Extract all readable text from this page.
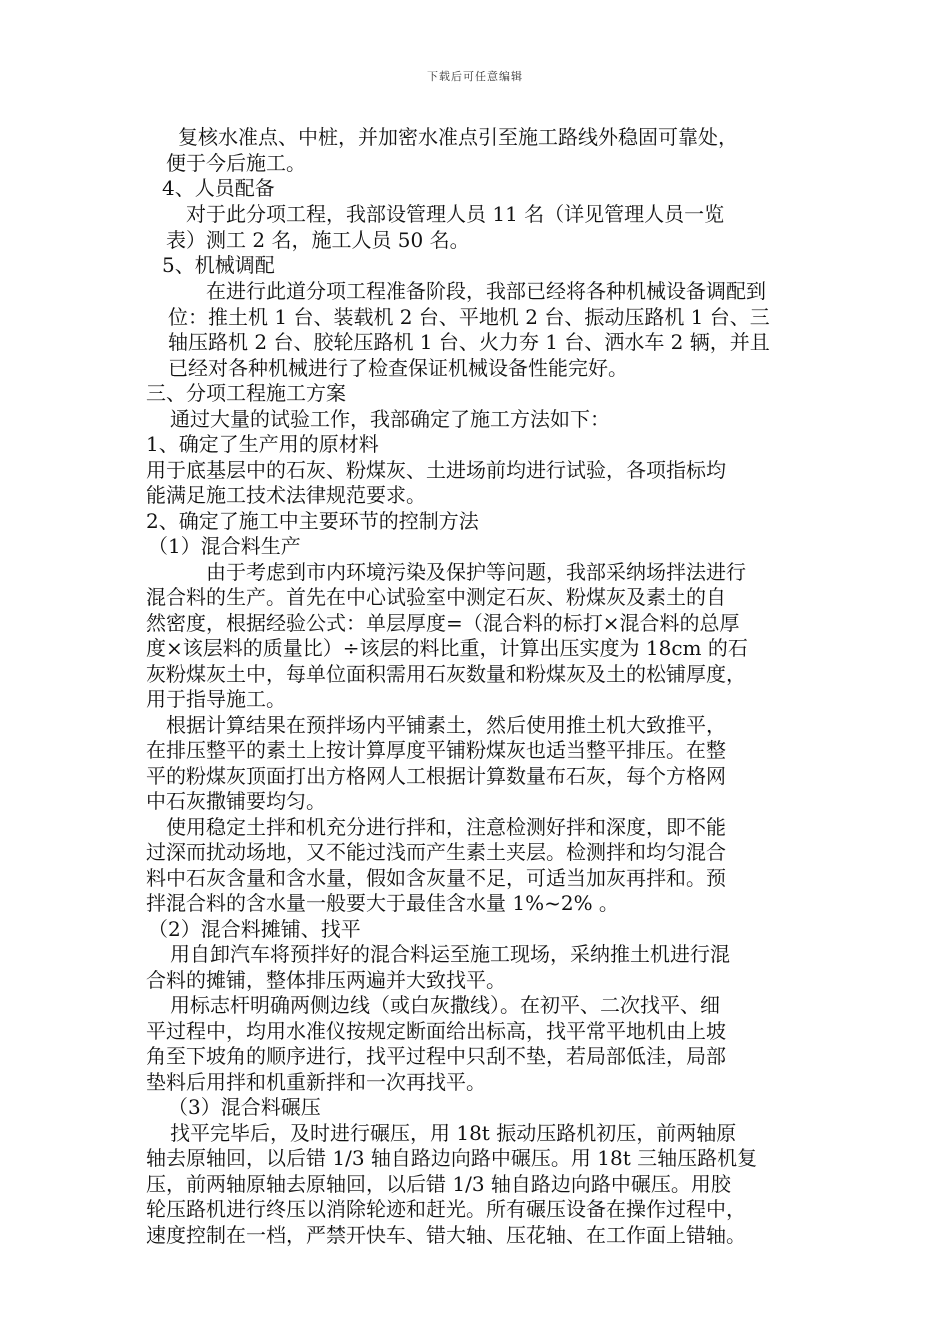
下载后可任意编辑
复核水准点、中桩，并加密水准点引至施工路线外稳固可靠处，
便于今后施工。
4、人员配备
对于此分项工程，我部设管理人员 11 名（详见管理人员一览
表）测工 2 名，施工人员 50 名。
5、机械调配
在进行此道分项工程准备阶段，我部已经将各种机械设备调配到
位：推土机 1 台、装载机 2 台、平地机 2 台、振动压路机 1 台、三
轴压路机 2 台、胶轮压路机 1 台、火力夯 1 台、洒水车 2 辆，并且
已经对各种机械进行了检查保证机械设备性能完好。
三、分项工程施工方案
通过大量的试验工作，我部确定了施工方法如下：
1、确定了生产用的原材料
用于底基层中的石灰、粉煤灰、土进场前均进行试验，各项指标均
能满足施工技术法律规范要求。
2、确定了施工中主要环节的控制方法
（1）混合料生产
由于考虑到市内环境污染及保护等问题，我部采纳场拌法进行
混合料的生产。首先在中心试验室中测定石灰、粉煤灰及素土的自
然密度，根据经验公式：单层厚度=（混合料的标打×混合料的总厚
度×该层料的质量比）÷该层的料比重，计算出压实度为 18cm 的石
灰粉煤灰土中，每单位面积需用石灰数量和粉煤灰及土的松铺厚度，
用于指导施工。
根据计算结果在预拌场内平铺素土，然后使用推土机大致推平，
在排压整平的素土上按计算厚度平铺粉煤灰也适当整平排压。在整
平的粉煤灰顶面打出方格网人工根据计算数量布石灰，每个方格网
中石灰撒铺要均匀。
使用稳定土拌和机充分进行拌和，注意检测好拌和深度，即不能
过深而扰动场地，又不能过浅而产生素土夹层。检测拌和均匀混合
料中石灰含量和含水量，假如含灰量不足，可适当加灰再拌和。预
拌混合料的含水量一般要大于最佳含水量 1%~2% 。
（2）混合料摊铺、找平
用自卸汽车将预拌好的混合料运至施工现场，采纳推土机进行混
合料的摊铺，整体排压两遍并大致找平。
用标志杆明确两侧边线（或白灰撒线）。在初平、二次找平、细
平过程中，均用水准仪按规定断面给出标高，找平常平地机由上坡
角至下坡角的顺序进行，找平过程中只刮不垫，若局部低洼，局部
垫料后用拌和机重新拌和一次再找平。
（3）混合料碾压
找平完毕后，及时进行碾压，用 18t 振动压路机初压，前两轴原
轴去原轴回，以后错 1/3 轴自路边向路中碾压。用 18t 三轴压路机复
压，前两轴原轴去原轴回，以后错 1/3 轴自路边向路中碾压。用胶
轮压路机进行终压以消除轮迹和赶光。所有碾压设备在操作过程中，
速度控制在一档，严禁开快车、错大轴、压花轴、在工作面上错轴。
